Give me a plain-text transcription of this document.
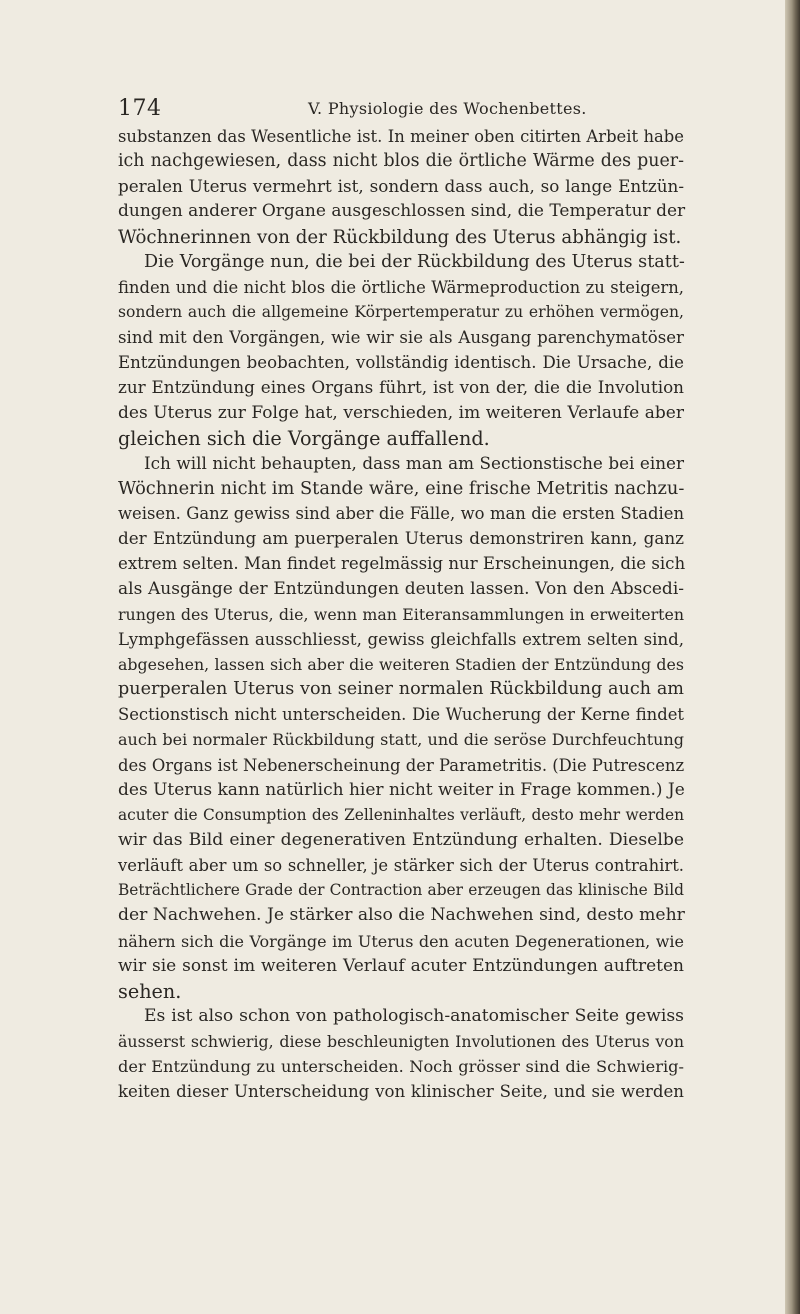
174	V. Physiologie des Wochenbettes.
substanzen das Wesentliche ist. In meiner oben citirten Arbeit habe
ich nachgewiesen, dass nicht blos die örtliche Wärme des puer-
peralen Uterus vermehrt ist, sondern dass auch, so lange Entzün-
dungen anderer Organe ausgeschlossen sind, die Temperatur der
Wöchnerinnen von der Rückbildung des Uterus abhängig ist.
Die Vorgänge nun, die bei der Rückbildung des Uterus statt-
finden und die nicht blos die örtliche Wärmeproduction zu steigern,
sondern auch die allgemeine Körpertemperatur zu erhöhen vermögen,
sind mit den Vorgängen, wie wir sie als Ausgang parenchymatöser
Entzündungen beobachten, vollständig identisch. Die Ursache, die
zur Entzündung eines Organs führt, ist von der, die die Involution
des Uterus zur Folge hat, verschieden, im weiteren Verlaufe aber
gleichen sich die Vorgänge auffallend.
Ich will nicht behaupten, dass man am Sectionstische bei einer
Wöchnerin nicht im Stande wäre, eine frische Metritis nachzu-
weisen. Ganz gewiss sind aber die Fälle, wo man die ersten Stadien
der Entzündung am puerperalen Uterus demonstriren kann, ganz
extrem selten. Man findet regelmässig nur Erscheinungen, die sich
als Ausgänge der Entzündungen deuten lassen. Von den Abscedi-
rungen des Uterus, die, wenn man Eiteransammlungen in erweiterten
Lymphgefässen ausschliesst, gewiss gleichfalls extrem selten sind,
abgesehen, lassen sich aber die weiteren Stadien der Entzündung des
puerperalen Uterus von seiner normalen Rückbildung auch am
Sectionstisch nicht unterscheiden. Die Wucherung der Kerne findet
auch bei normaler Rückbildung statt, und die seröse Durchfeuchtung
des Organs ist Nebenerscheinung der Parametritis. (Die Putrescenz
des Uterus kann natürlich hier nicht weiter in Frage kommen.) Je
acuter die Consumption des Zelleninhaltes verläuft, desto mehr werden
wir das Bild einer degenerativen Entzündung erhalten. Dieselbe
verläuft aber um so schneller, je stärker sich der Uterus contrahirt.
Beträchtlichere Grade der Contraction aber erzeugen das klinische Bild
der Nachwehen. Je stärker also die Nachwehen sind, desto mehr
nähern sich die Vorgänge im Uterus den acuten Degenerationen, wie
wir sie sonst im weiteren Verlauf acuter Entzündungen auftreten
sehen.
Es ist also schon von pathologisch-anatomischer Seite gewiss
äusserst schwierig, diese beschleunigten Involutionen des Uterus von
der Entzündung zu unterscheiden. Noch grösser sind die Schwierig-
keiten dieser Unterscheidung von klinischer Seite, und sie werden
